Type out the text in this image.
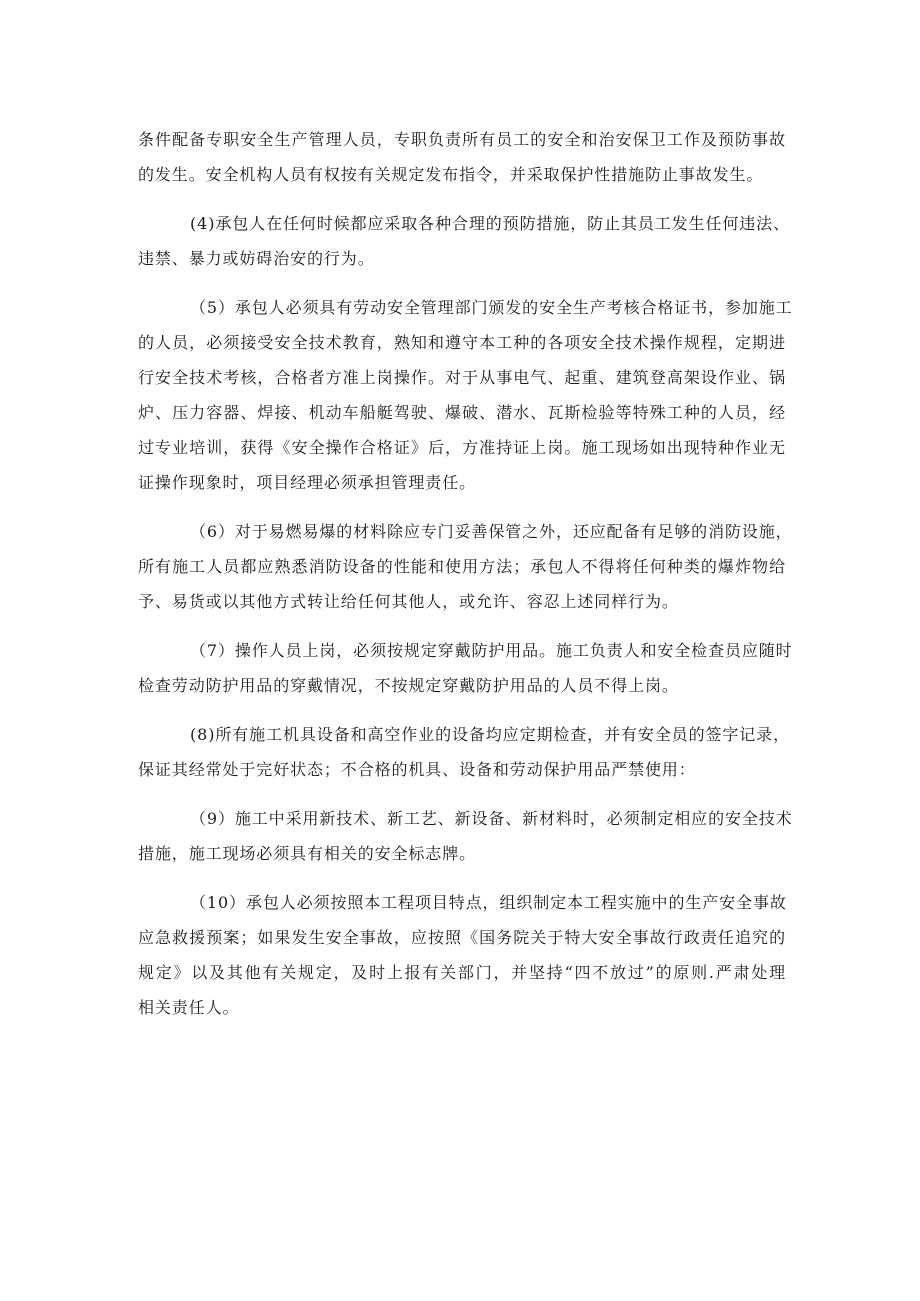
条件配备专职安全生产管理人员，专职负责所有员工的安全和治安保卫工作及预防事故
的发生。安全机构人员有权按有关规定发布指令，并采取保护性措施防止事故发生。
(4)承包人在任何时候都应采取各种合理的预防措施，防止其员工发生任何违法、
违禁、暴力或妨碍治安的行为。
（5）承包人必须具有劳动安全管理部门颁发的安全生产考核合格证书，参加施工
的人员，必须接受安全技术教育，熟知和遵守本工种的各项安全技术操作规程，定期进
行安全技术考核，合格者方准上岗操作。对于从事电气、起重、建筑登高架设作业、锅
炉、压力容器、焊接、机动车船艇驾驶、爆破、潜水、瓦斯检验等特殊工种的人员，经
过专业培训，获得《安全操作合格证》后，方准持证上岗。施工现场如出现特种作业无
证操作现象时，项目经理必须承担管理责任。
（6）对于易燃易爆的材料除应专门妥善保管之外，还应配备有足够的消防设施，
所有施工人员都应熟悉消防设备的性能和使用方法；承包人不得将任何种类的爆炸物给
予、易货或以其他方式转让给任何其他人，或允许、容忍上述同样行为。
（7）操作人员上岗，必须按规定穿戴防护用品。施工负责人和安全检查员应随时
检查劳动防护用品的穿戴情况，不按规定穿戴防护用品的人员不得上岗。
(8)所有施工机具设备和高空作业的设备均应定期检查，并有安全员的签字记录，
保证其经常处于完好状态；不合格的机具、设备和劳动保护用品严禁使用：
（9）施工中采用新技术、新工艺、新设备、新材料时，必须制定相应的安全技术
措施，施工现场必须具有相关的安全标志牌。
（10）承包人必须按照本工程项目特点，组织制定本工程实施中的生产安全事故
应急救援预案；如果发生安全事故，应按照《国务院关于特大安全事故行政责任追究的
规定》以及其他有关规定，及时上报有关部门，并坚持“四不放过”的原则.严肃处理
相关责任人。
